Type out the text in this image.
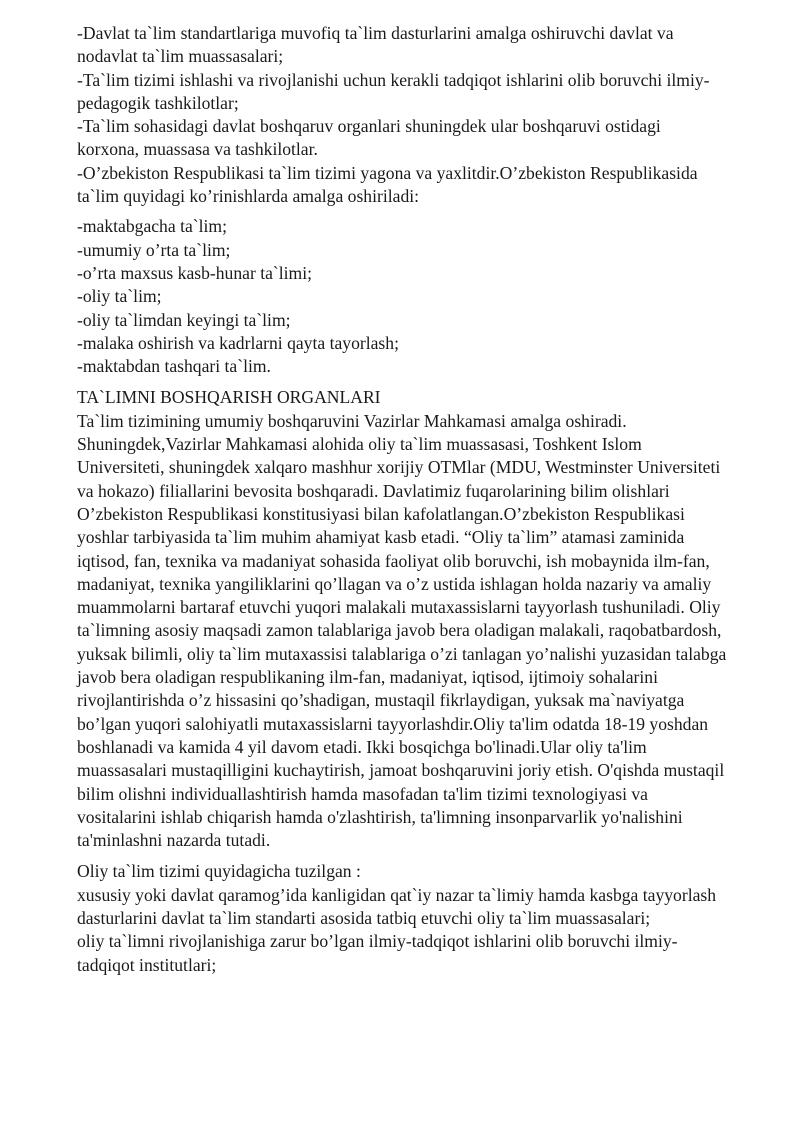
-Davlat ta`lim standartlariga muvofiq ta`lim dasturlarini amalga oshiruvchi davlat va nodavlat ta`lim muassasalari;

-Ta`lim tizimi ishlashi va rivojlanishi uchun kerakli tadqiqot ishlarini olib boruvchi ilmiy-pedagogik tashkilotlar;

-Ta`lim sohasidagi davlat boshqaruv organlari shuningdek ular boshqaruvi ostidagi korxona, muassasa va tashkilotlar.

-O’zbekiston Respublikasi ta`lim tizimi yagona va yaxlitdir.O’zbekiston Respublikasida ta`lim quyidagi ko’rinishlarda amalga oshiriladi:

-maktabgacha ta`lim;

-umumiy o’rta ta`lim;

-o’rta maxsus kasb-hunar ta`limi;

-oliy ta`lim;

-oliy ta`limdan keyingi ta`lim;

-malaka oshirish va kadrlarni qayta tayorlash;

-maktabdan tashqari ta`lim.

TA`LIMNI BOSHQARISH ORGANLARI

Ta`lim tizimining umumiy boshqaruvini Vazirlar Mahkamasi amalga oshiradi. Shuningdek,Vazirlar Mahkamasi alohida oliy ta`lim muassasasi, Toshkent Islom Universiteti, shuningdek xalqaro mashhur xorijiy OTMlar (MDU, Westminster Universiteti va hokazo) filiallarini bevosita boshqaradi. Davlatimiz fuqarolarining bilim olishlari O’zbekiston Respublikasi konstitusiyasi bilan kafolatlangan.O’zbekiston Respublikasi yoshlar tarbiyasida ta`lim muhim ahamiyat kasb etadi. “Oliy ta`lim” atamasi zaminida iqtisod, fan, texnika va madaniyat sohasida faoliyat olib boruvchi, ish mobaynida ilm-fan, madaniyat, texnika yangiliklarini qo’llagan va o’z ustida ishlagan holda nazariy va amaliy muammolarni bartaraf etuvchi yuqori malakali mutaxassislarni tayyorlash tushuniladi. Oliy ta`limning asosiy maqsadi zamon talablariga javob bera oladigan malakali, raqobatbardosh, yuksak bilimli, oliy ta`lim mutaxassisi talablariga o’zi tanlagan yo’nalishi yuzasidan talabga javob bera oladigan respublikaning ilm-fan, madaniyat, iqtisod, ijtimoiy sohalarini rivojlantirishda o’z hissasini qo’shadigan, mustaqil fikrlaydigan, yuksak ma`naviyatga bo’lgan yuqori salohiyatli mutaxassislarni tayyorlashdir.Oliy ta'lim odatda 18-19 yoshdan boshlanadi va kamida 4 yil davom etadi. Ikki bosqichga bo'linadi.Ular oliy ta'lim muassasalari mustaqilligini kuchaytirish, jamoat boshqaruvini joriy etish. O'qishda mustaqil bilim olishni individuallashtirish hamda masofadan ta'lim tizimi texnologiyasi va vositalarini ishlab chiqarish hamda o'zlashtirish, ta'limning insonparvarlik yo'nalishini ta'minlashni nazarda tutadi.

Oliy ta`lim tizimi quyidagicha tuzilgan :

xususiy yoki davlat qaramog’ida kanligidan qat`iy nazar ta`limiy hamda kasbga tayyorlash dasturlarini davlat ta`lim standarti asosida tatbiq etuvchi oliy ta`lim muassasalari;

oliy ta`limni rivojlanishiga zarur bo’lgan ilmiy-tadqiqot ishlarini olib boruvchi ilmiy-tadqiqot institutlari;
